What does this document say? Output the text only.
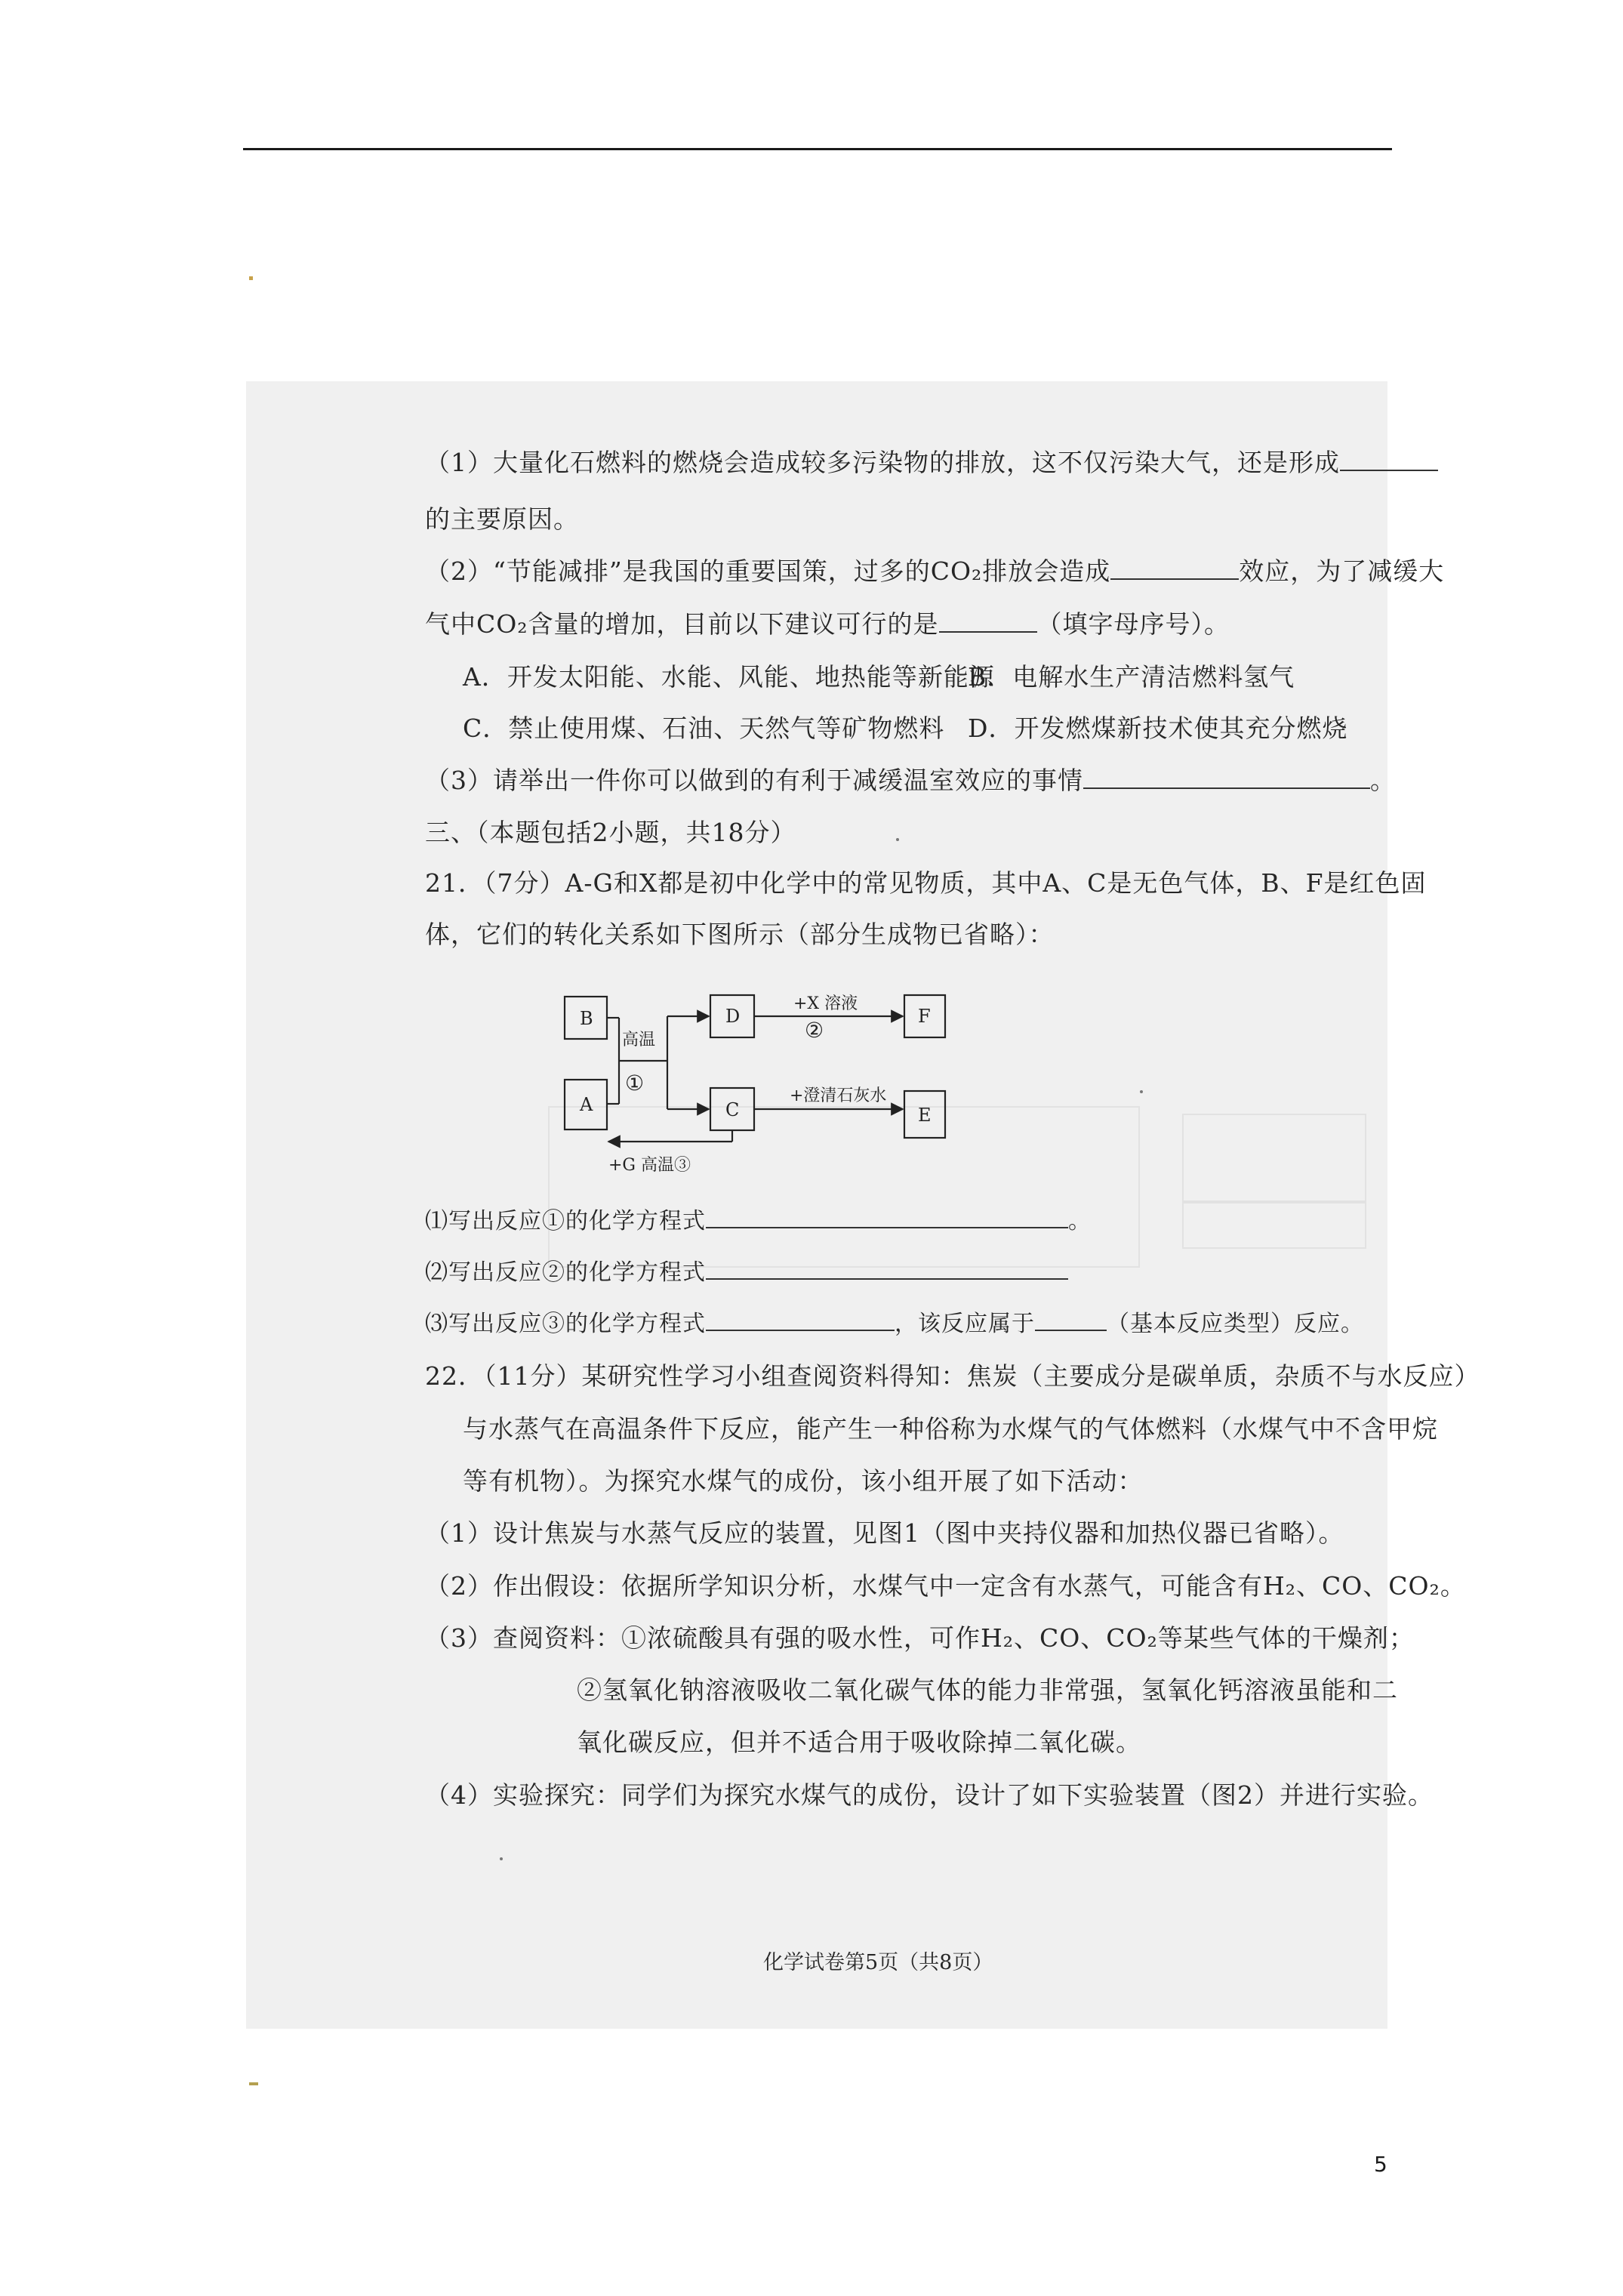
（1）大量化石燃料的燃烧会造成较多污染物的排放，这不仅污染大气，还是形成
的主要原因。
（2）“节能减排”是我国的重要国策，过多的CO₂排放会造成	效应，为了减缓大
气中CO₂含量的增加，目前以下建议可行的是	（填字母序号）。
A．开发太阳能、水能、风能、地热能等新能源
B．电解水生产清洁燃料氢气
C．禁止使用煤、石油、天然气等矿物燃料 D．开发燃煤新技术使其充分燃烧
（3）请举出一件你可以做到的有利于减缓温室效应的事情	。
三、（本题包括2小题，共18分）
21．（7分）A-G和X都是初中化学中的常见物质，其中A、C是无色气体，B、F是红色固
体，它们的转化关系如下图所示（部分生成物已省略）：
B
A
D
C
F
E
高温
①
+X 溶液
②
+澄清石灰水
+G 高温③
⑴写出反应①的化学方程式	。
⑵写出反应②的化学方程式
⑶写出反应③的化学方程式	，该反应属于	（基本反应类型）反应。
22．（11分）某研究性学习小组查阅资料得知：焦炭（主要成分是碳单质，杂质不与水反应）
与水蒸气在高温条件下反应，能产生一种俗称为水煤气的气体燃料（水煤气中不含甲烷
等有机物）。为探究水煤气的成份，该小组开展了如下活动：
（1）设计焦炭与水蒸气反应的装置，见图1（图中夹持仪器和加热仪器已省略）。
（2）作出假设：依据所学知识分析，水煤气中一定含有水蒸气，可能含有H₂、CO、CO₂。
（3）查阅资料：①浓硫酸具有强的吸水性，可作H₂、CO、CO₂等某些气体的干燥剂；
②氢氧化钠溶液吸收二氧化碳气体的能力非常强，氢氧化钙溶液虽能和二
氧化碳反应，但并不适合用于吸收除掉二氧化碳。
（4）实验探究：同学们为探究水煤气的成份，设计了如下实验装置（图2）并进行实验。
化学试卷第5页（共8页）
5
